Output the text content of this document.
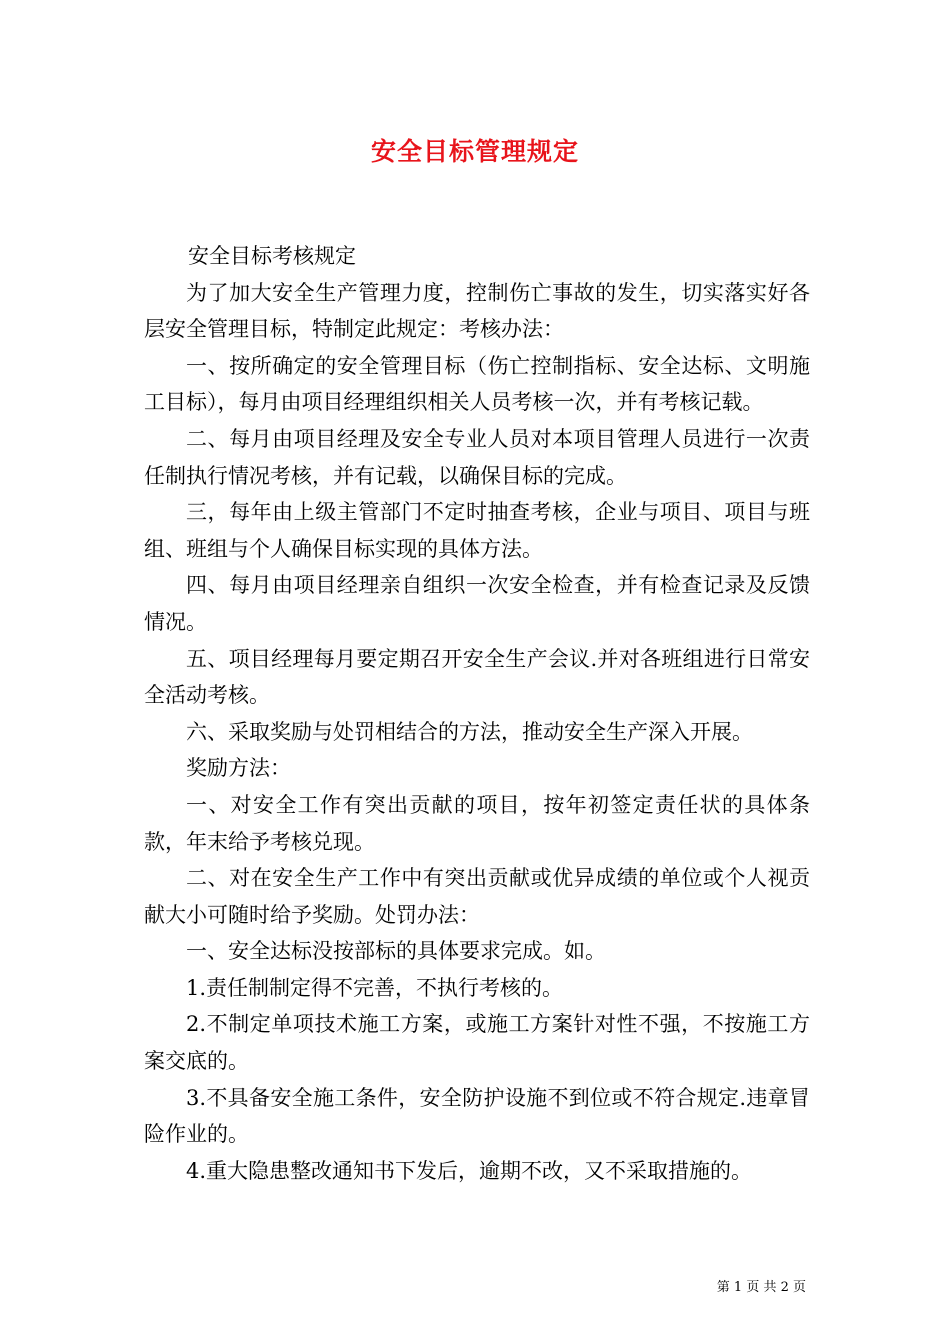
安全目标管理规定

安全目标考核规定

为了加大安全生产管理力度，控制伤亡事故的发生，切实落实好各层安全管理目标，特制定此规定：考核办法：

一、按所确定的安全管理目标（伤亡控制指标、安全达标、文明施工目标），每月由项目经理组织相关人员考核一次，并有考核记载。

二、每月由项目经理及安全专业人员对本项目管理人员进行一次责任制执行情况考核，并有记载，以确保目标的完成。

三，每年由上级主管部门不定时抽查考核，企业与项目、项目与班组、班组与个人确保目标实现的具体方法。

四、每月由项目经理亲自组织一次安全检查，并有检查记录及反馈情况。

五、项目经理每月要定期召开安全生产会议.并对各班组进行日常安全活动考核。

六、采取奖励与处罚相结合的方法，推动安全生产深入开展。

奖励方法：

一、对安全工作有突出贡献的项目，按年初签定责任状的具体条款，年末给予考核兑现。

二、对在安全生产工作中有突出贡献或优异成绩的单位或个人视贡献大小可随时给予奖励。处罚办法：

一、安全达标没按部标的具体要求完成。如。

1.责任制制定得不完善，不执行考核的。

2.不制定单项技术施工方案，或施工方案针对性不强，不按施工方案交底的。

3.不具备安全施工条件，安全防护设施不到位或不符合规定.违章冒险作业的。

4.重大隐患整改通知书下发后，逾期不改，又不采取措施的。

第 1 页 共 2 页
